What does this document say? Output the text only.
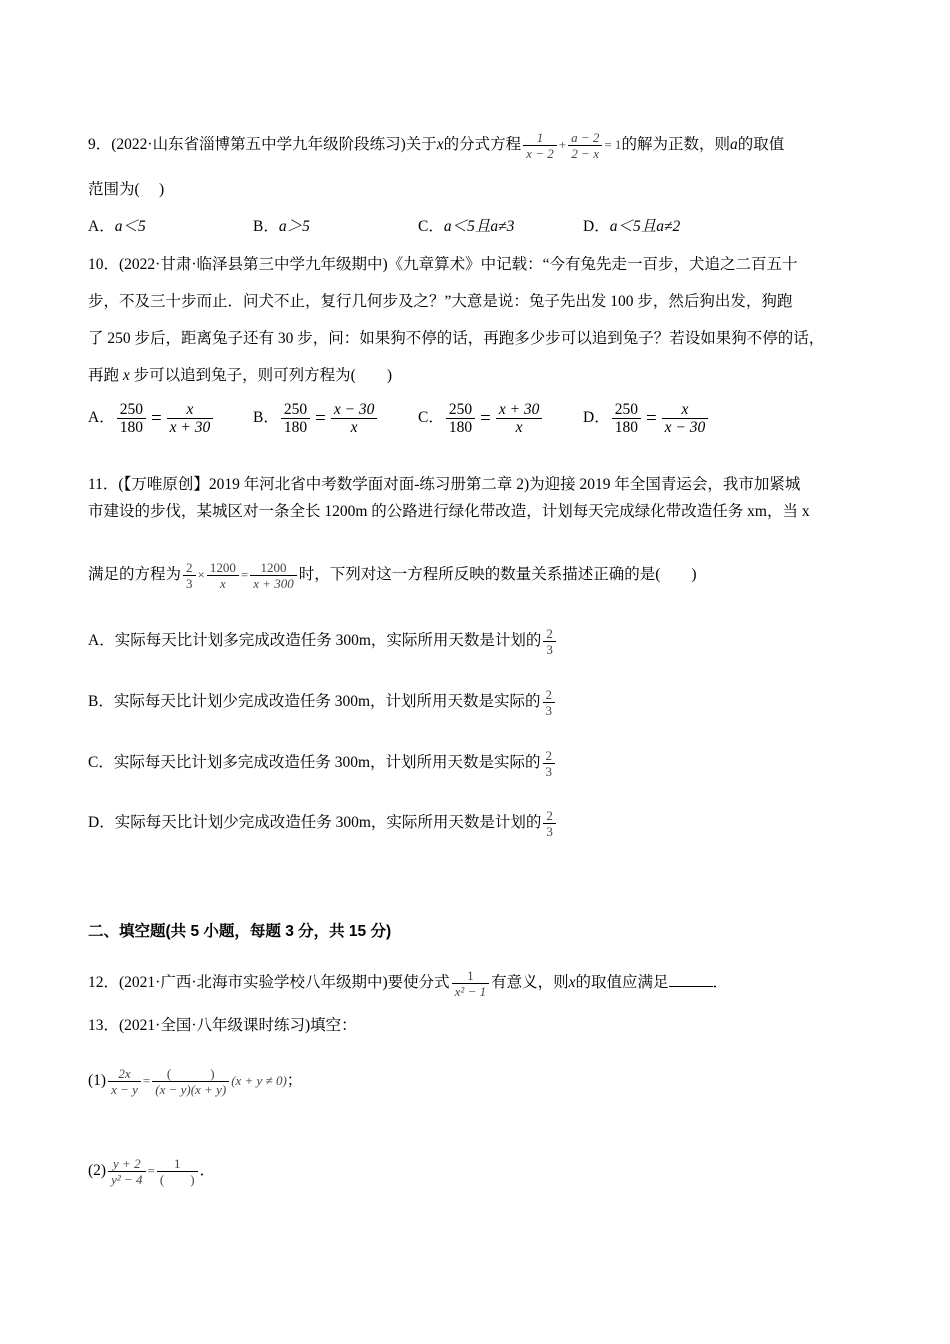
9．(2022·山东省淄博第五中学九年级阶段练习)关于x的分式方程 $\frac{1}{x - 2} + \frac{a - 2}{2 - x} = 1$的解为正数，则a的取值
范围为(　 )
A．a＜5	B．a＞5	C．a＜5且a≠3	D．a＜5且a≠2
10．(2022·甘肃·临泽县第三中学九年级期中)《九章算术》中记载：“今有兔先走一百步，犬追之二百五十
步，不及三十步而止．问犬不止，复行几何步及之？”大意是说：兔子先出发 100 步，然后狗出发，狗跑
了 250 步后，距离兔子还有 30 步，问：如果狗不停的话，再跑多少步可以追到兔子？若设如果狗不停的话，
再跑 x 步可以追到兔子，则可列方程为(　　)
A． $\frac{250}{180} = \frac{x}{x + 30}$	B． $\frac{250}{180} = \frac{x - 30}{x}$	C． $\frac{250}{180} = \frac{x + 30}{x}$	D． $\frac{250}{180} = \frac{x}{x - 30}$
11．(【万唯原创】2019 年河北省中考数学面对面-练习册第二章 2)为迎接 2019 年全国青运会，我市加紧城
市建设的步伐，某城区对一条全长 1200m 的公路进行绿化带改造，计划每天完成绿化带改造任务 xm，当 x
满足的方程为 $\frac{2}{3} \times \frac{1200}{x} = \frac{1200}{x + 300}$ 时，下列对这一方程所反映的数量关系描述正确的是(　　)
A．实际每天比计划多完成改造任务 300m，实际所用天数是计划的 $\frac{2}{3}$
B．实际每天比计划少完成改造任务 300m，计划所用天数是实际的 $\frac{2}{3}$
C．实际每天比计划多完成改造任务 300m，计划所用天数是实际的 $\frac{2}{3}$
D．实际每天比计划少完成改造任务 300m，实际所用天数是计划的 $\frac{2}{3}$
二、填空题(共 5 小题，每题 3 分，共 15 分)
12．(2021·广西·北海市实验学校八年级期中)要使分式 $\frac{1}{\text{x² − 1}}$ 有意义，则x的取值应满足	．
13．(2021·全国·八年级课时练习)填空：
$(1) \frac{2x}{x - y}$ =	(　　　)
(x − y)(x + y)
(x + y ≠ 0)；
$(2) \frac{y + 2}{\text{y² − 4}}$ =	1
(　　)
．
